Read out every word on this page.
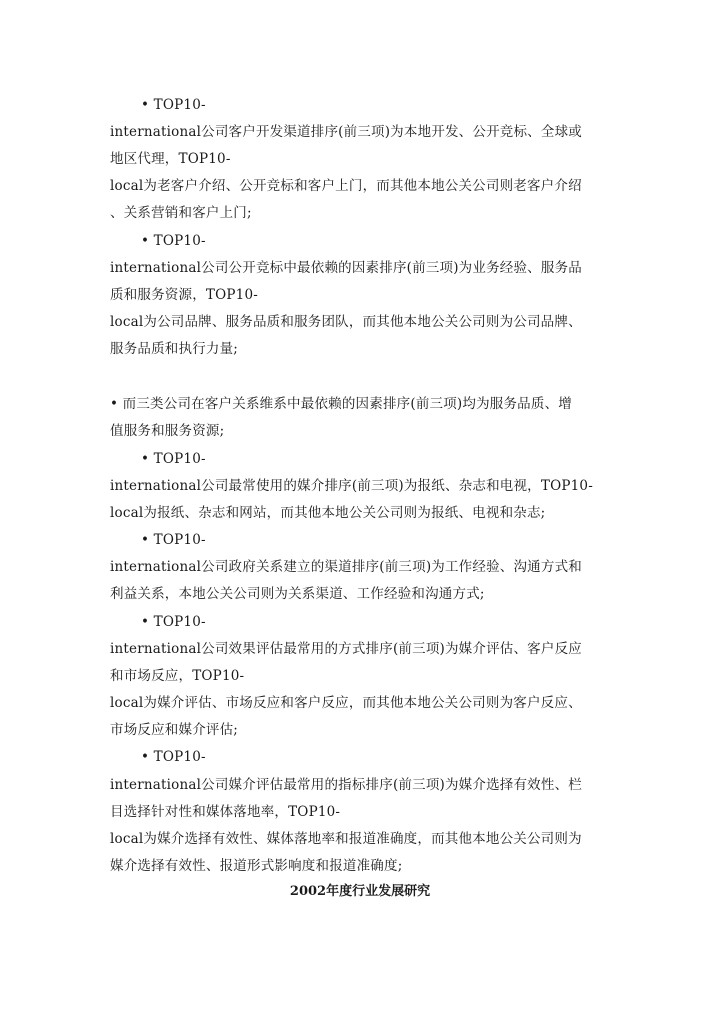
• TOP10-
international公司客户开发渠道排序(前三项)为本地开发、公开竞标、全球或
地区代理，TOP10-
local为老客户介绍、公开竞标和客户上门，而其他本地公关公司则老客户介绍
、关系营销和客户上门;
• TOP10-
international公司公开竞标中最依赖的因素排序(前三项)为业务经验、服务品
质和服务资源，TOP10-
local为公司品牌、服务品质和服务团队，而其他本地公关公司则为公司品牌、
服务品质和执行力量;
• 而三类公司在客户关系维系中最依赖的因素排序(前三项)均为服务品质、增
值服务和服务资源;
• TOP10-
international公司最常使用的媒介排序(前三项)为报纸、杂志和电视，TOP10-
local为报纸、杂志和网站，而其他本地公关公司则为报纸、电视和杂志;
• TOP10-
international公司政府关系建立的渠道排序(前三项)为工作经验、沟通方式和
利益关系，本地公关公司则为关系渠道、工作经验和沟通方式;
• TOP10-
international公司效果评估最常用的方式排序(前三项)为媒介评估、客户反应
和市场反应，TOP10-
local为媒介评估、市场反应和客户反应，而其他本地公关公司则为客户反应、
市场反应和媒介评估;
• TOP10-
international公司媒介评估最常用的指标排序(前三项)为媒介选择有效性、栏
目选择针对性和媒体落地率，TOP10-
local为媒介选择有效性、媒体落地率和报道准确度，而其他本地公关公司则为
媒介选择有效性、报道形式影响度和报道准确度;
2002年度行业发展研究
